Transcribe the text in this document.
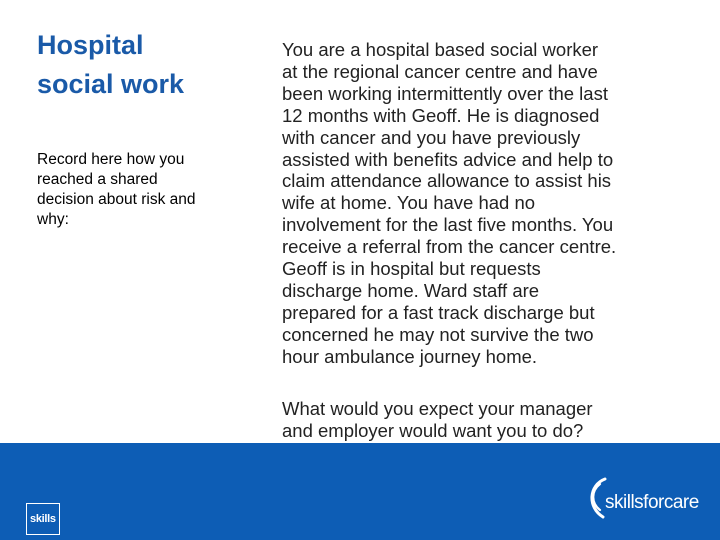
Hospital
social work
Record here how you
reached a shared
decision about risk and
why:
You are a hospital based social worker
at the regional cancer centre and have
been working intermittently over the last
12 months with Geoff. He is diagnosed
with cancer and you have previously
assisted with benefits advice and help to
claim attendance allowance to assist his
wife at home. You have had no
involvement for the last five months. You
receive a referral from the cancer centre.
Geoff is in hospital but requests
discharge home. Ward staff are
prepared for a fast track discharge but
concerned he may not survive the two
hour ambulance journey home.
What would you expect your manager
and employer would want you to do?
skills
skillsforcare
